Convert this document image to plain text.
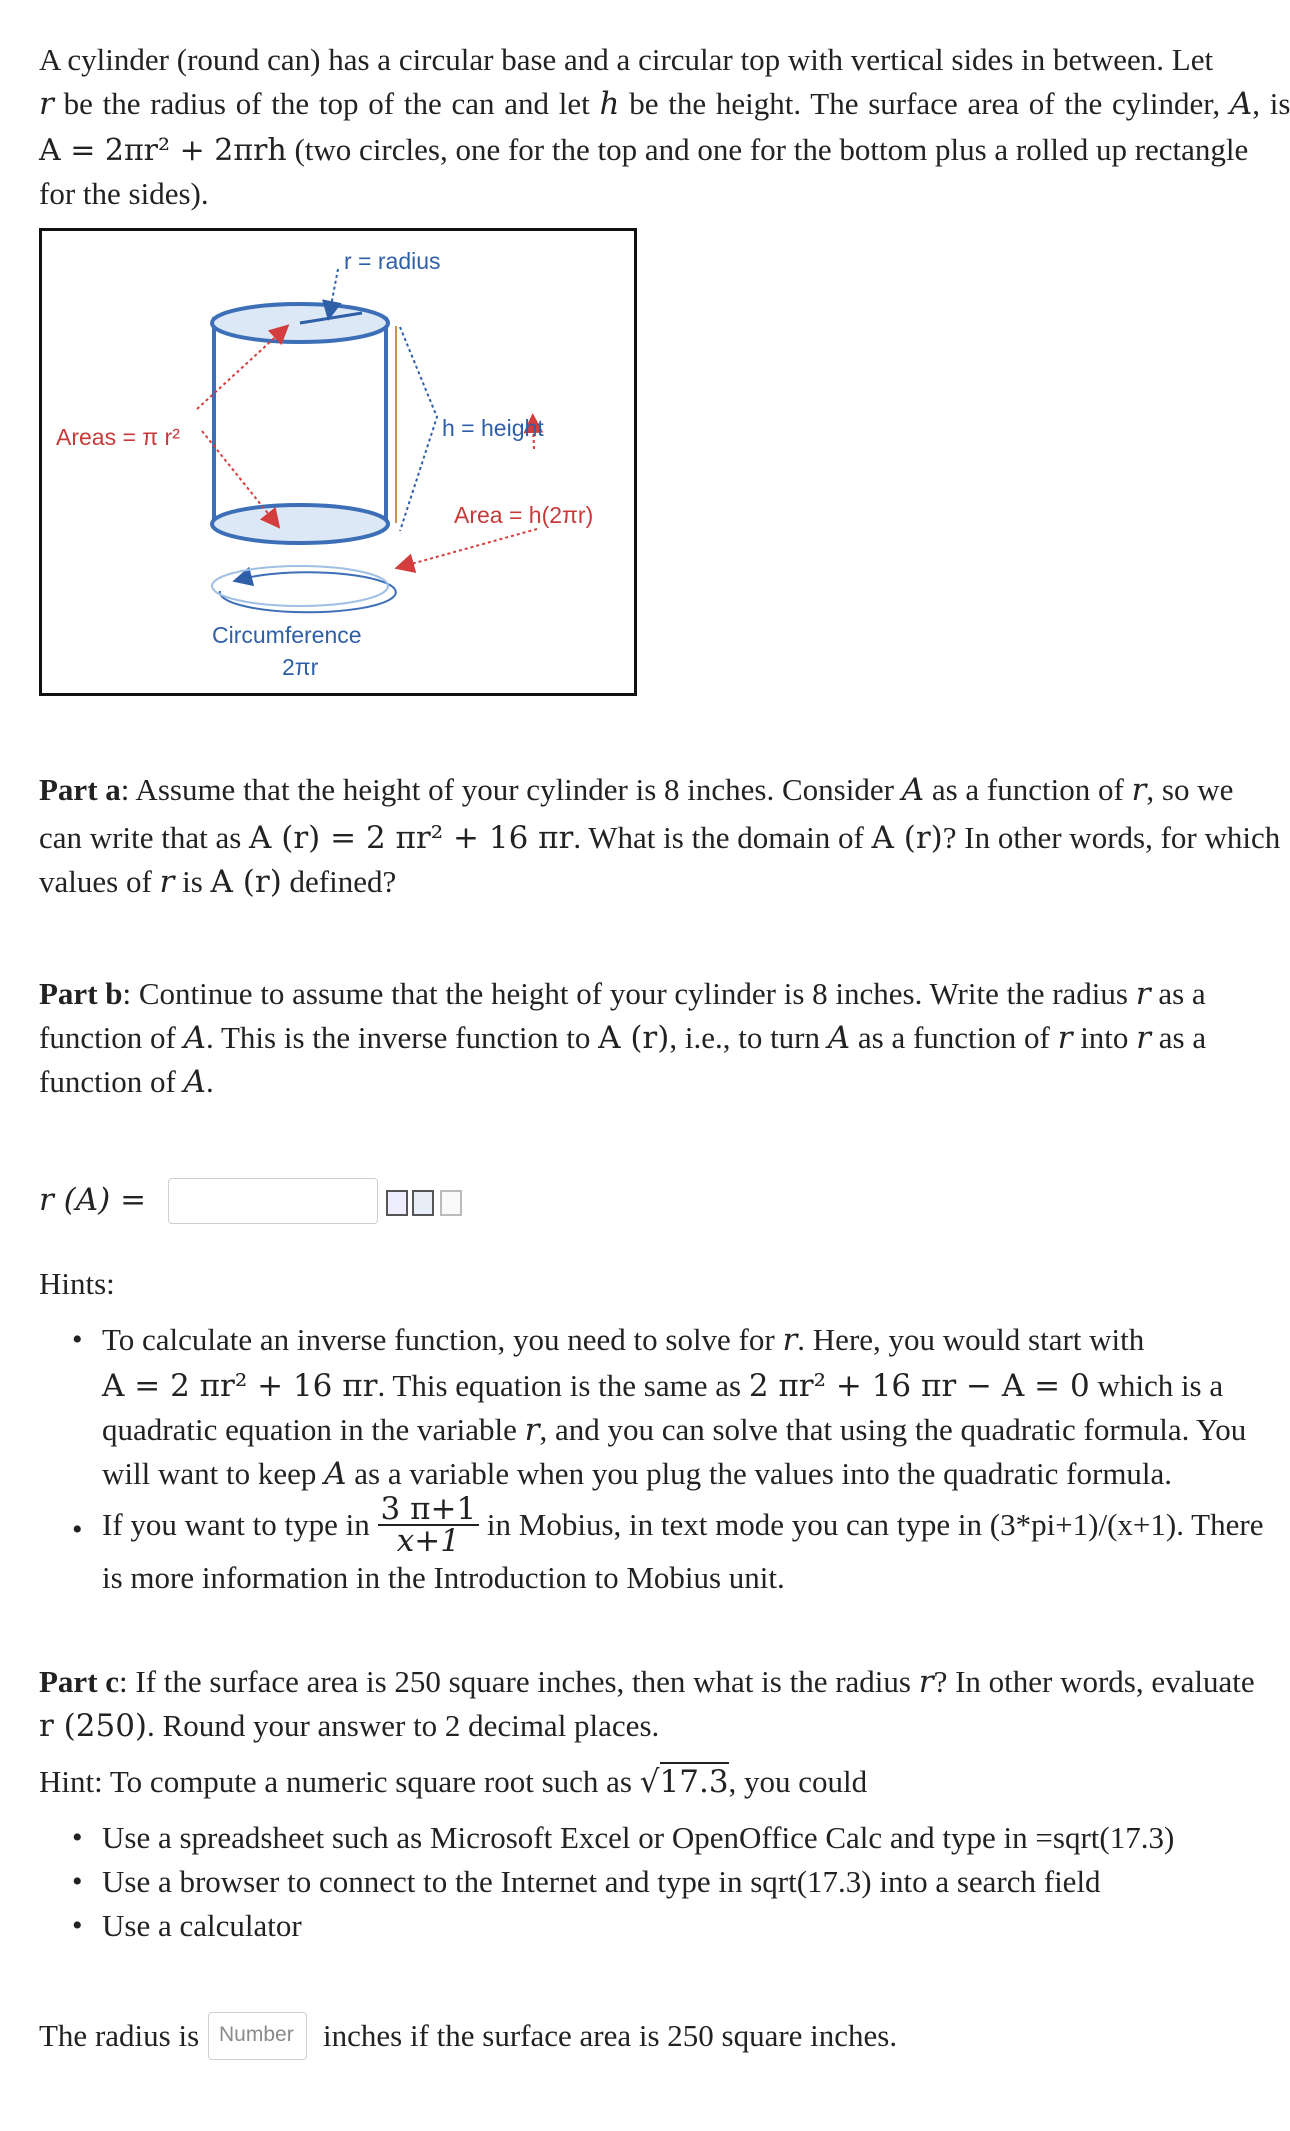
A cylinder (round can) has a circular base and a circular top with vertical sides in between. Let
r be the radius of the top of the can and let h be the height. The surface area of the cylinder, A, is
A = 2πr² + 2πrh (two circles, one for the top and one for the bottom plus a rolled up rectangle
for the sides).
r = radius
Areas = π r²	h = height
Area = h(2πr)
Circumference
2πr
Part a: Assume that the height of your cylinder is 8 inches. Consider A as a function of r, so we
can write that as A (r) = 2 πr² + 16 πr. What is the domain of A (r)? In other words, for which
values of r is A (r) defined?
Part b: Continue to assume that the height of your cylinder is 8 inches. Write the radius r as a
function of A. This is the inverse function to A (r), i.e., to turn A as a function of r into r as a
function of A.
r (A) =
Hints:
• To calculate an inverse function, you need to solve for r. Here, you would start with
A = 2 πr² + 16 πr. This equation is the same as 2 πr² + 16 πr − A = 0 which is a
quadratic equation in the variable r, and you can solve that using the quadratic formula. You
will want to keep A as a variable when you plug the values into the quadratic formula.
• If you want to type in $\frac{3 \pi+1}{x+1}$ in Mobius, in text mode you can type in (3*pi+1)/(x+1). There
is more information in the Introduction to Mobius unit.
Part c: If the surface area is 250 square inches, then what is the radius r? In other words, evaluate
r (250). Round your answer to 2 decimal places.
Hint: To compute a numeric square root such as √17.3, you could
• Use a spreadsheet such as Microsoft Excel or OpenOffice Calc and type in =sqrt(17.3)
• Use a browser to connect to the Internet and type in sqrt(17.3) into a search field
• Use a calculator
The radius is Number inches if the surface area is 250 square inches.
